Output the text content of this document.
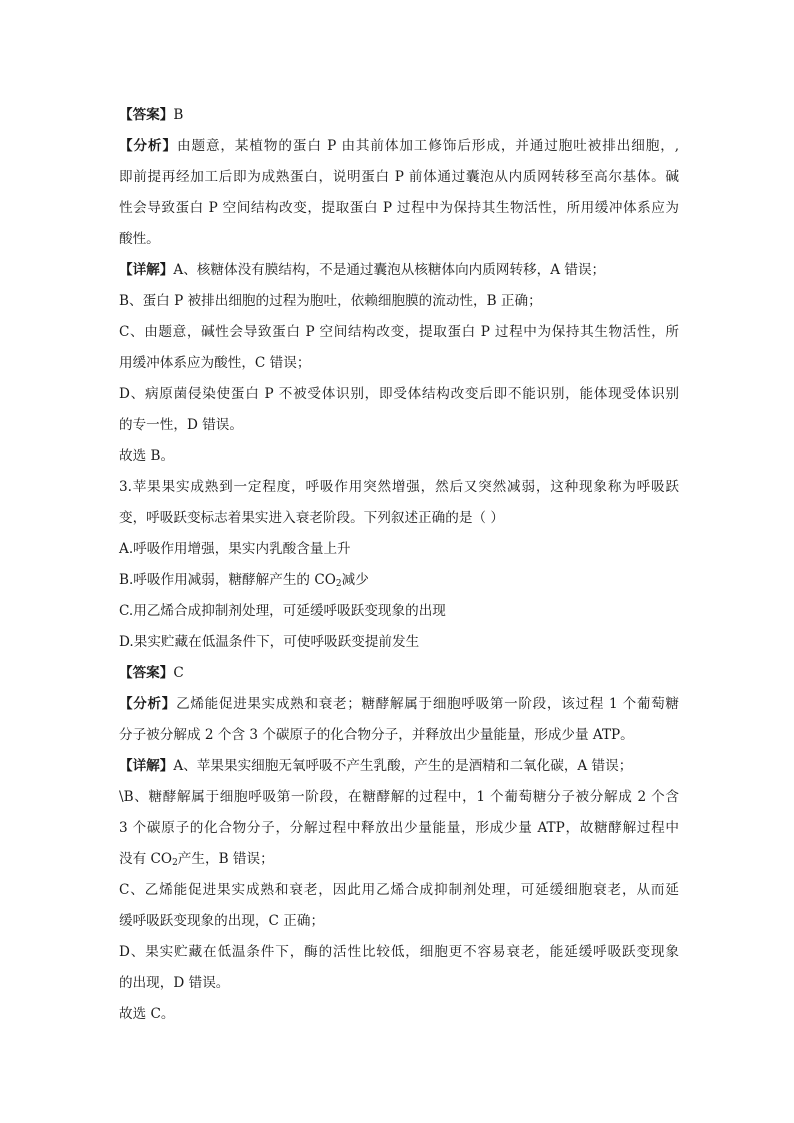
【答案】B
【分析】由题意，某植物的蛋白 P 由其前体加工修饰后形成，并通过胞吐被排出细胞，,
即前提再经加工后即为成熟蛋白，说明蛋白 P 前体通过囊泡从内质网转移至高尔基体。碱
性会导致蛋白 P 空间结构改变，提取蛋白 P 过程中为保持其生物活性，所用缓冲体系应为
酸性。
【详解】A、核糖体没有膜结构，不是通过囊泡从核糖体向内质网转移，A 错误；
B、蛋白 P 被排出细胞的过程为胞吐，依赖细胞膜的流动性，B 正确；
C、由题意，碱性会导致蛋白 P 空间结构改变，提取蛋白 P 过程中为保持其生物活性，所
用缓冲体系应为酸性，C 错误；
D、病原菌侵染使蛋白 P 不被受体识别，即受体结构改变后即不能识别，能体现受体识别
的专一性，D 错误。
故选 B。
3.苹果果实成熟到一定程度，呼吸作用突然增强，然后又突然减弱，这种现象称为呼吸跃
变，呼吸跃变标志着果实进入衰老阶段。下列叙述正确的是（ ）
A.呼吸作用增强，果实内乳酸含量上升
B.呼吸作用减弱，糖酵解产生的 $CO_2$减少
C.用乙烯合成抑制剂处理，可延缓呼吸跃变现象的出现
D.果实贮藏在低温条件下，可使呼吸跃变提前发生
【答案】C
【分析】乙烯能促进果实成熟和衰老；糖酵解属于细胞呼吸第一阶段，该过程 1 个葡萄糖
分子被分解成 2 个含 3 个碳原子的化合物分子，并释放出少量能量，形成少量 ATP。
【详解】A、苹果果实细胞无氧呼吸不产生乳酸，产生的是酒精和二氧化碳，A 错误；
\B、糖酵解属于细胞呼吸第一阶段，在糖酵解的过程中，1 个葡萄糖分子被分解成 2 个含
3 个碳原子的化合物分子，分解过程中释放出少量能量，形成少量 ATP，故糖酵解过程中
没有 $CO_2$产生，B 错误；
C、乙烯能促进果实成熟和衰老，因此用乙烯合成抑制剂处理，可延缓细胞衰老，从而延
缓呼吸跃变现象的出现，C 正确；
D、果实贮藏在低温条件下，酶的活性比较低，细胞更不容易衰老，能延缓呼吸跃变现象
的出现，D 错误。
故选 C。
